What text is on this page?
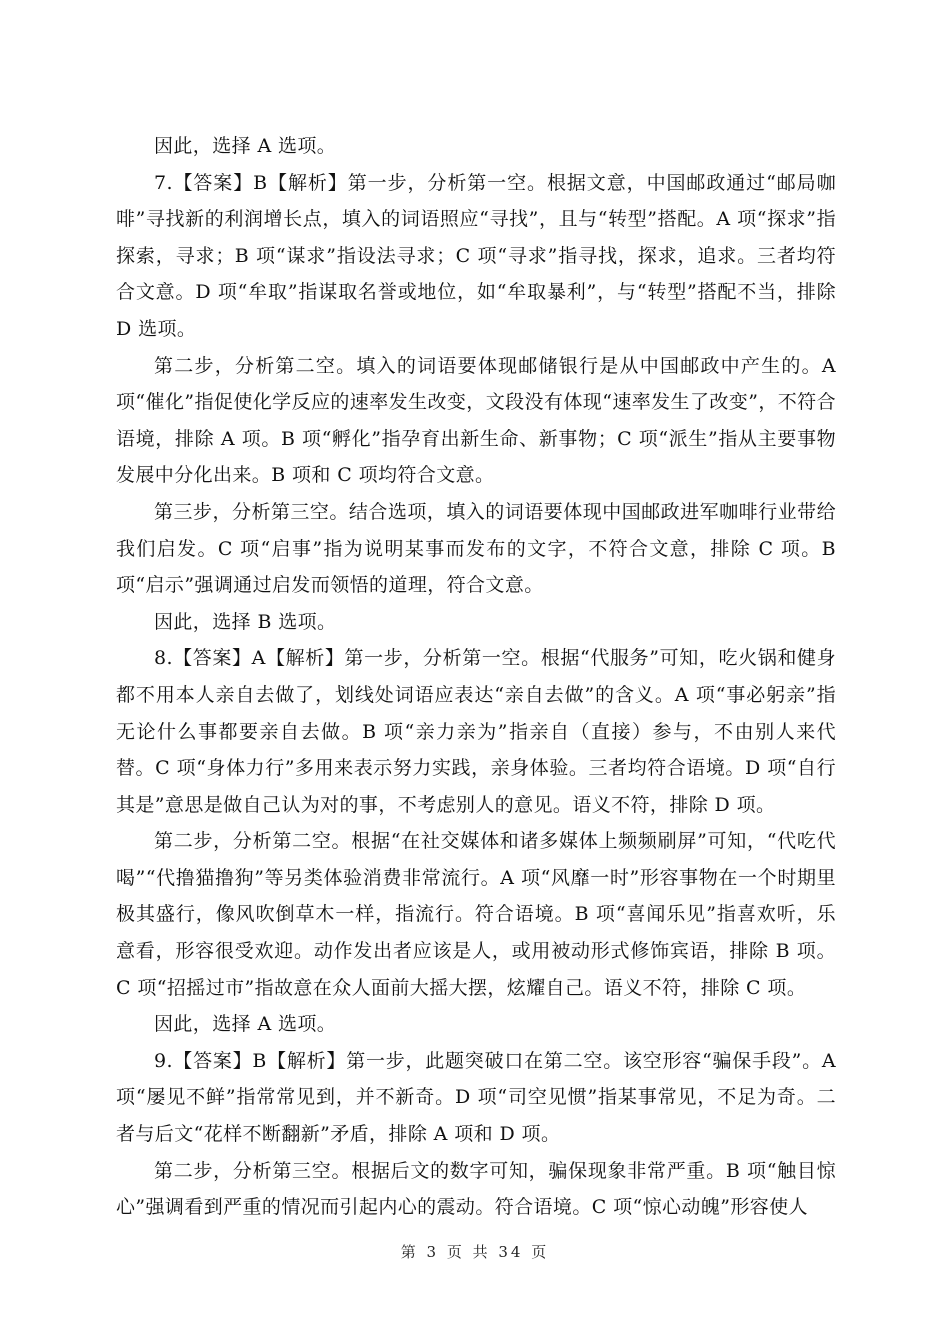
因此，选择 A 选项。

7.【答案】B【解析】第一步，分析第一空。根据文意，中国邮政通过“邮局咖啡”寻找新的利润增长点，填入的词语照应“寻找”，且与“转型”搭配。A 项“探求”指探索，寻求；B 项“谋求”指设法寻求；C 项“寻求”指寻找，探求，追求。三者均符合文意。D 项“牟取”指谋取名誉或地位，如“牟取暴利”，与“转型”搭配不当，排除 D 选项。

第二步，分析第二空。填入的词语要体现邮储银行是从中国邮政中产生的。A 项“催化”指促使化学反应的速率发生改变，文段没有体现“速率发生了改变”，不符合语境，排除 A 项。B 项“孵化”指孕育出新生命、新事物；C 项“派生”指从主要事物发展中分化出来。B 项和 C 项均符合文意。

第三步，分析第三空。结合选项，填入的词语要体现中国邮政进军咖啡行业带给我们启发。C 项“启事”指为说明某事而发布的文字，不符合文意，排除 C 项。B 项“启示”强调通过启发而领悟的道理，符合文意。

因此，选择 B 选项。

8.【答案】A【解析】第一步，分析第一空。根据“代服务”可知，吃火锅和健身都不用本人亲自去做了，划线处词语应表达“亲自去做”的含义。A 项“事必躬亲”指无论什么事都要亲自去做。B 项“亲力亲为”指亲自（直接）参与，不由别人来代替。C 项“身体力行”多用来表示努力实践，亲身体验。三者均符合语境。D 项“自行其是”意思是做自己认为对的事，不考虑别人的意见。语义不符，排除 D 项。

第二步，分析第二空。根据“在社交媒体和诸多媒体上频频刷屏”可知，“代吃代喝”“代撸猫撸狗”等另类体验消费非常流行。A 项“风靡一时”形容事物在一个时期里极其盛行，像风吹倒草木一样，指流行。符合语境。B 项“喜闻乐见”指喜欢听，乐意看，形容很受欢迎。动作发出者应该是人，或用被动形式修饰宾语，排除 B 项。C 项“招摇过市”指故意在众人面前大摇大摆，炫耀自己。语义不符，排除 C 项。

因此，选择 A 选项。

9.【答案】B【解析】第一步，此题突破口在第二空。该空形容“骗保手段”。A 项“屡见不鲜”指常常见到，并不新奇。D 项“司空见惯”指某事常见，不足为奇。二者与后文“花样不断翻新”矛盾，排除 A 项和 D 项。

第二步，分析第三空。根据后文的数字可知，骗保现象非常严重。B 项“触目惊心”强调看到严重的情况而引起内心的震动。符合语境。C 项“惊心动魄”形容使人

第 3 页 共 34 页
